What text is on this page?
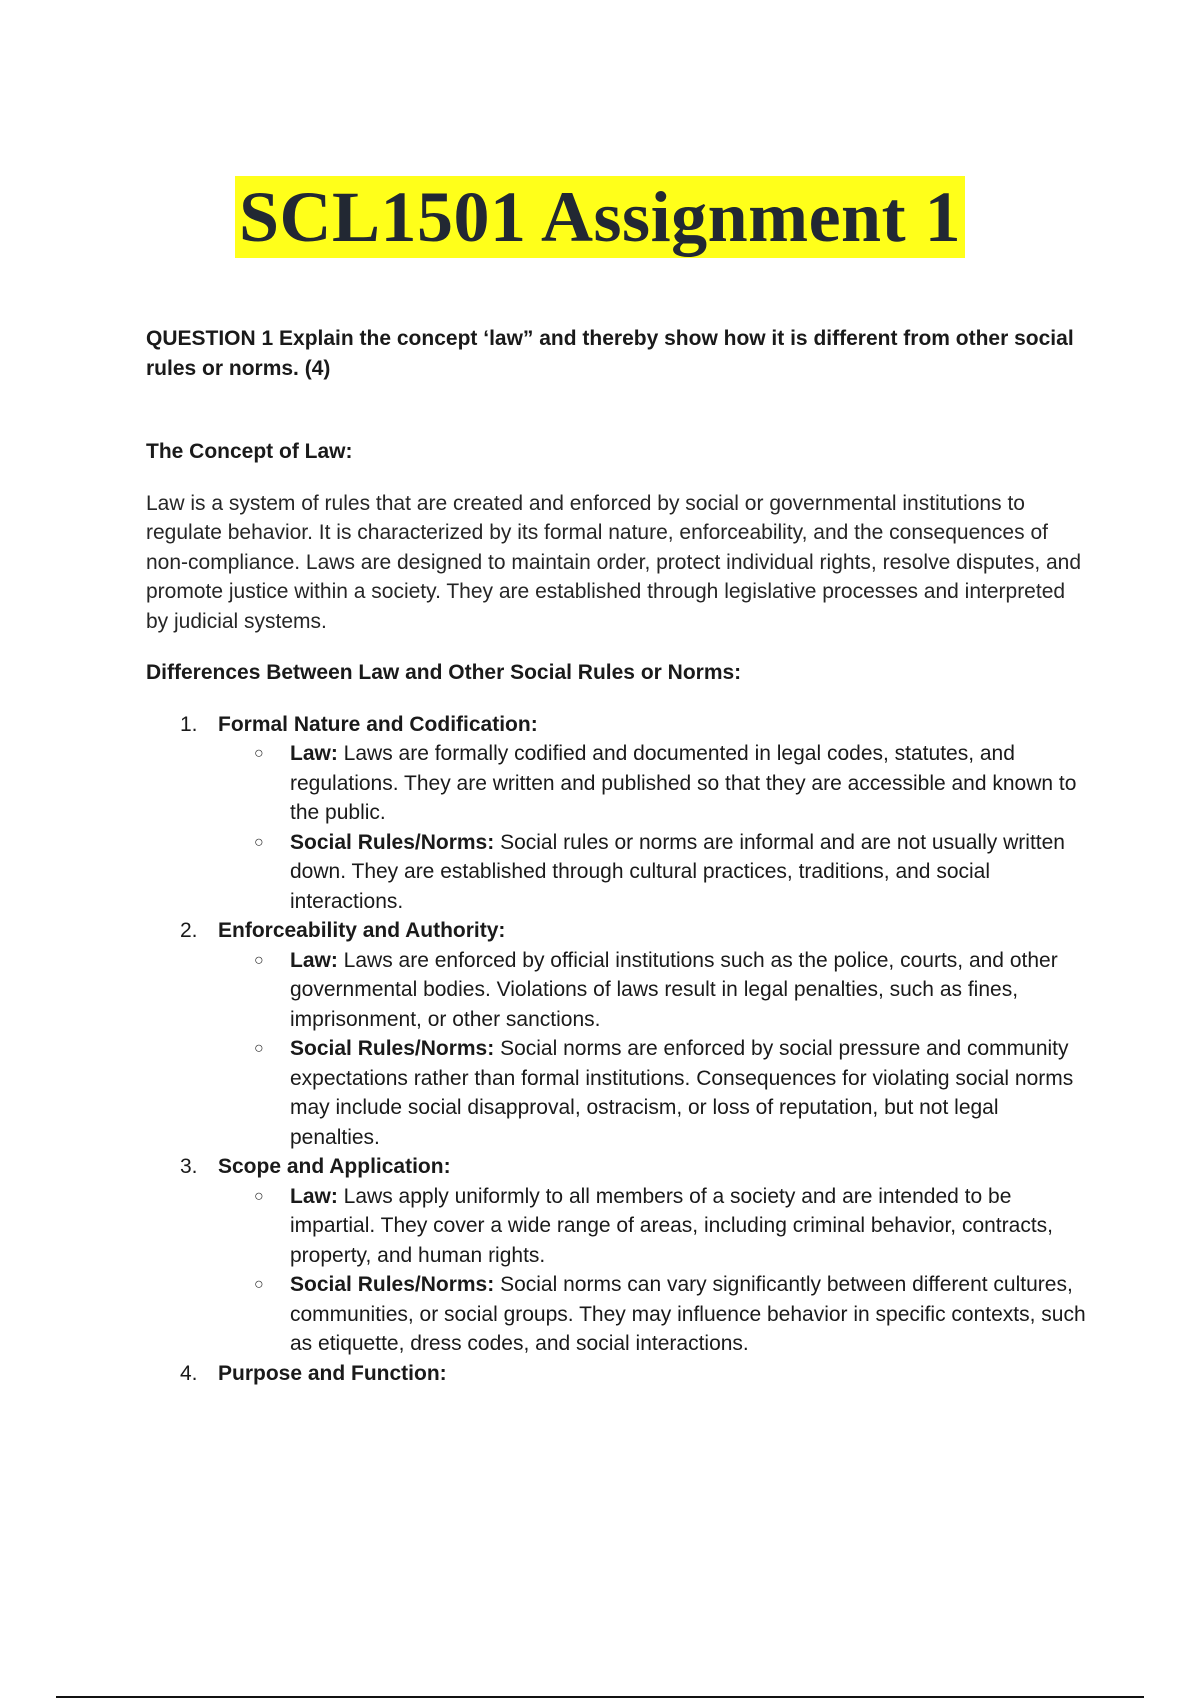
SCL1501 Assignment 1

QUESTION 1 Explain the concept ‘law” and thereby show how it is different from other social rules or norms. (4)

The Concept of Law:

Law is a system of rules that are created and enforced by social or governmental institutions to regulate behavior. It is characterized by its formal nature, enforceability, and the consequences of non-compliance. Laws are designed to maintain order, protect individual rights, resolve disputes, and promote justice within a society. They are established through legislative processes and interpreted by judicial systems.

Differences Between Law and Other Social Rules or Norms:

1. Formal Nature and Codification:
○ Law: Laws are formally codified and documented in legal codes, statutes, and regulations. They are written and published so that they are accessible and known to the public.
○ Social Rules/Norms: Social rules or norms are informal and are not usually written down. They are established through cultural practices, traditions, and social interactions.
2. Enforceability and Authority:
○ Law: Laws are enforced by official institutions such as the police, courts, and other governmental bodies. Violations of laws result in legal penalties, such as fines, imprisonment, or other sanctions.
○ Social Rules/Norms: Social norms are enforced by social pressure and community expectations rather than formal institutions. Consequences for violating social norms may include social disapproval, ostracism, or loss of reputation, but not legal penalties.
3. Scope and Application:
○ Law: Laws apply uniformly to all members of a society and are intended to be impartial. They cover a wide range of areas, including criminal behavior, contracts, property, and human rights.
○ Social Rules/Norms: Social norms can vary significantly between different cultures, communities, or social groups. They may influence behavior in specific contexts, such as etiquette, dress codes, and social interactions.
4. Purpose and Function:
